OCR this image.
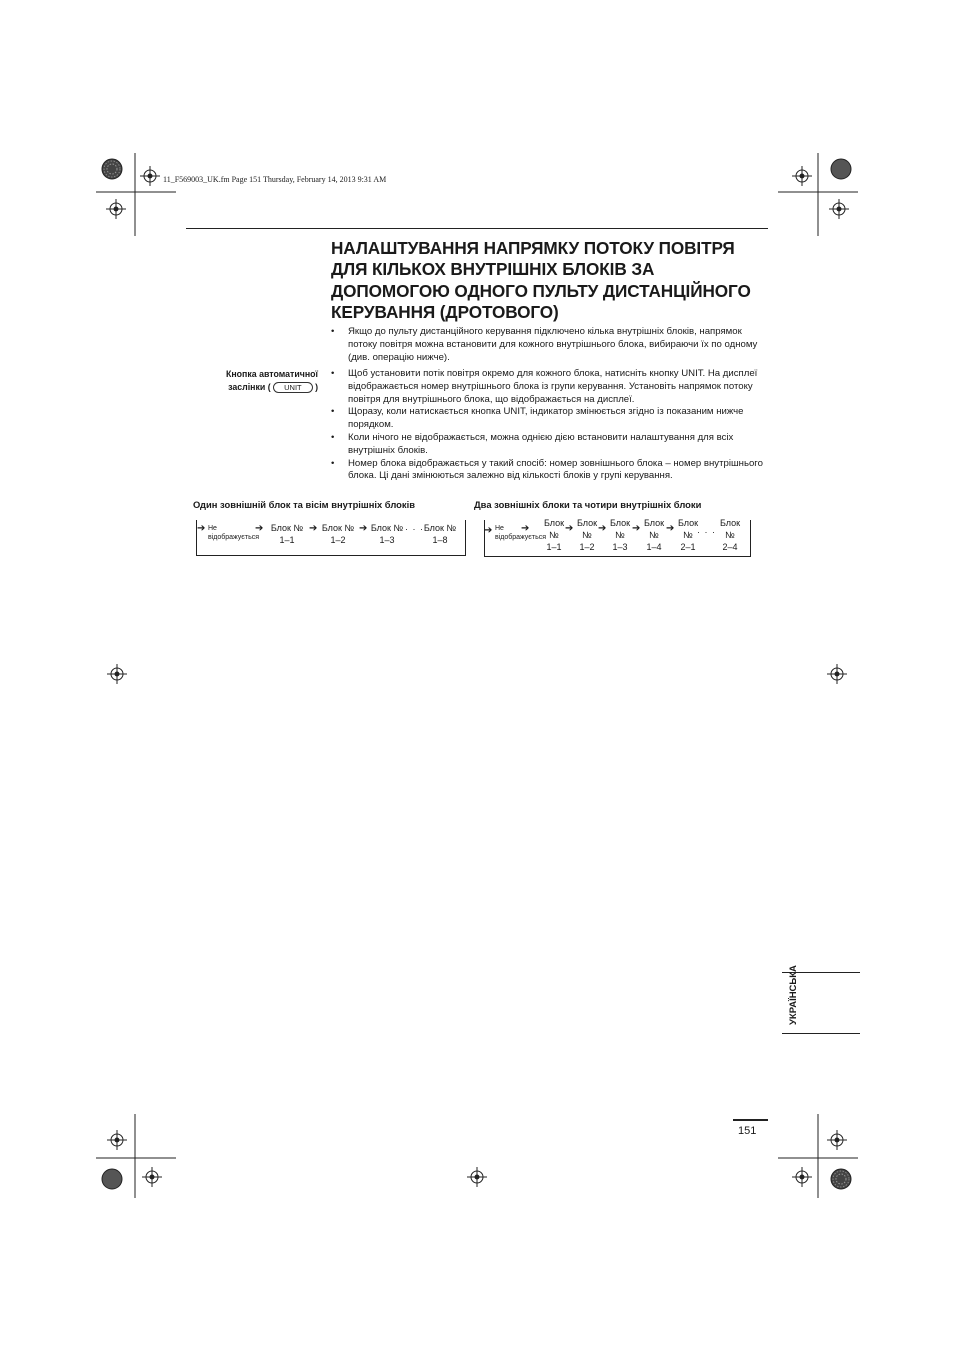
11_F569003_UK.fm Page 151 Thursday, February 14, 2013 9:31 AM
НАЛАШТУВАННЯ НАПРЯМКУ ПОТОКУ ПОВІТРЯ ДЛЯ КІЛЬКОХ ВНУТРІШНІХ БЛОКІВ ЗА ДОПОМОГОЮ ОДНОГО ПУЛЬТУ ДИСТАНЦІЙНОГО КЕРУВАННЯ (ДРОТОВОГО)
• Якщо до пульту дистанційного керування підключено кілька внутрішніх блоків, напрямок потоку повітря можна встановити для кожного внутрішнього блока, вибираючи їх по одному (див. операцію нижче).
Кнопка автоматичної
заслінки ( UNIT )
• Щоб установити потік повітря окремо для кожного блока, натисніть кнопку UNIT. На дисплеї відображається номер внутрішнього блока із групи керування. Установіть напрямок потоку повітря для внутрішнього блока, що відображається на дисплеї.
• Щоразу, коли натискається кнопка UNIT, індикатор змінюється згідно із показаним нижче порядком.
• Коли нічого не відображається, можна однією дією встановити налаштування для всіх внутрішніх блоків.
• Номер блока відображається у такий спосіб: номер зовнішнього блока – номер внутрішнього блока. Ці дані змінюються залежно від кількості блоків у групі керування.
Один зовнішній блок та вісім внутрішніх блоків
➔ Не
відображується
➔ Блок №
1–1
➔ Блок №
1–2
➔ Блок №
1–3
· · · Блок №
1–8
Два зовнішніх блоки та чотири внутрішніх блоки
➔ Не
відображується
➔	Блок
№
1–1
➔ Блок
№
1–2
➔ Блок
№
1–3
➔ Блок
№
1–4
➔ Блок
№
2–1
· · ·
Блок
№
2–4
УКРАЇНСЬКА
151
